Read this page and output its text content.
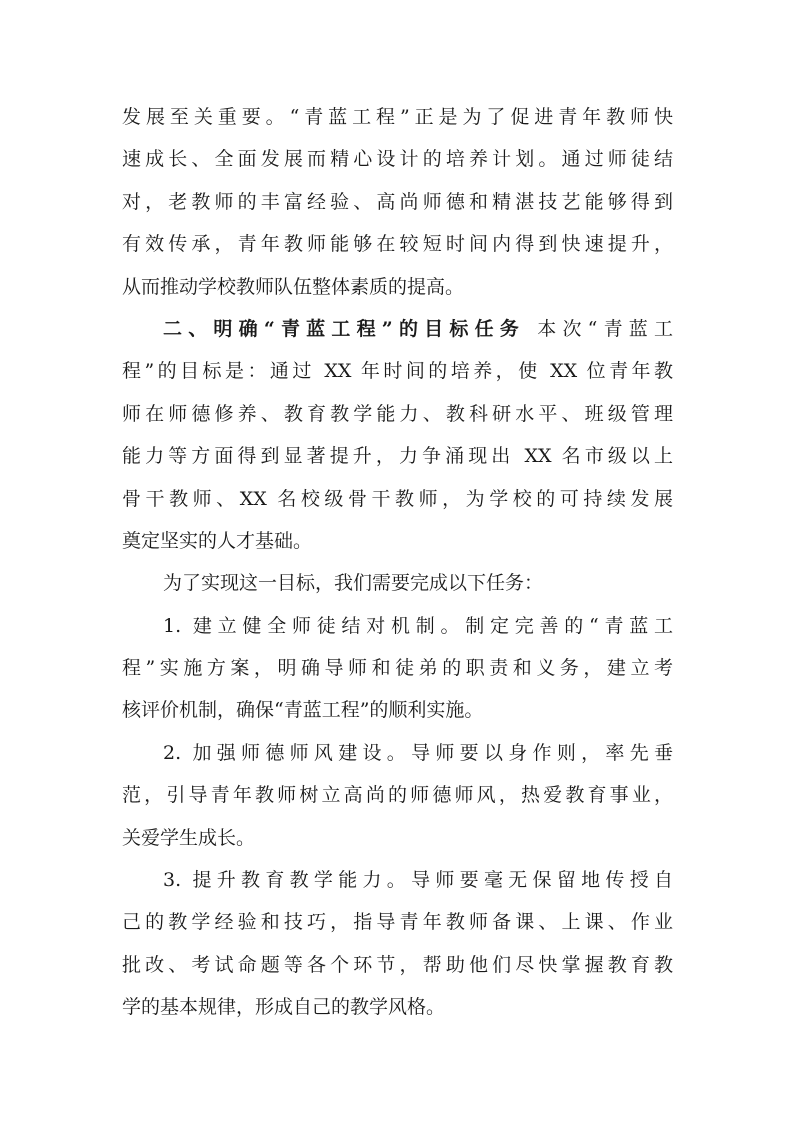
发展至关重要。“青蓝工程”正是为了促进青年教师快
速成长、全面发展而精心设计的培养计划。通过师徒结
对，老教师的丰富经验、高尚师德和精湛技艺能够得到
有效传承，青年教师能够在较短时间内得到快速提升，
从而推动学校教师队伍整体素质的提高。
二、明确“青蓝工程”的目标任务 本次“青蓝工
程”的目标是：通过 XX 年时间的培养，使 XX 位青年教
师在师德修养、教育教学能力、教科研水平、班级管理
能力等方面得到显著提升，力争涌现出 XX 名市级以上
骨干教师、XX 名校级骨干教师，为学校的可持续发展
奠定坚实的人才基础。
为了实现这一目标，我们需要完成以下任务：
1. 建立健全师徒结对机制。制定完善的“青蓝工
程”实施方案，明确导师和徒弟的职责和义务，建立考
核评价机制，确保“青蓝工程”的顺利实施。
2. 加强师德师风建设。导师要以身作则，率先垂
范，引导青年教师树立高尚的师德师风，热爱教育事业，
关爱学生成长。
3. 提升教育教学能力。导师要毫无保留地传授自
己的教学经验和技巧，指导青年教师备课、上课、作业
批改、考试命题等各个环节，帮助他们尽快掌握教育教
学的基本规律，形成自己的教学风格。
